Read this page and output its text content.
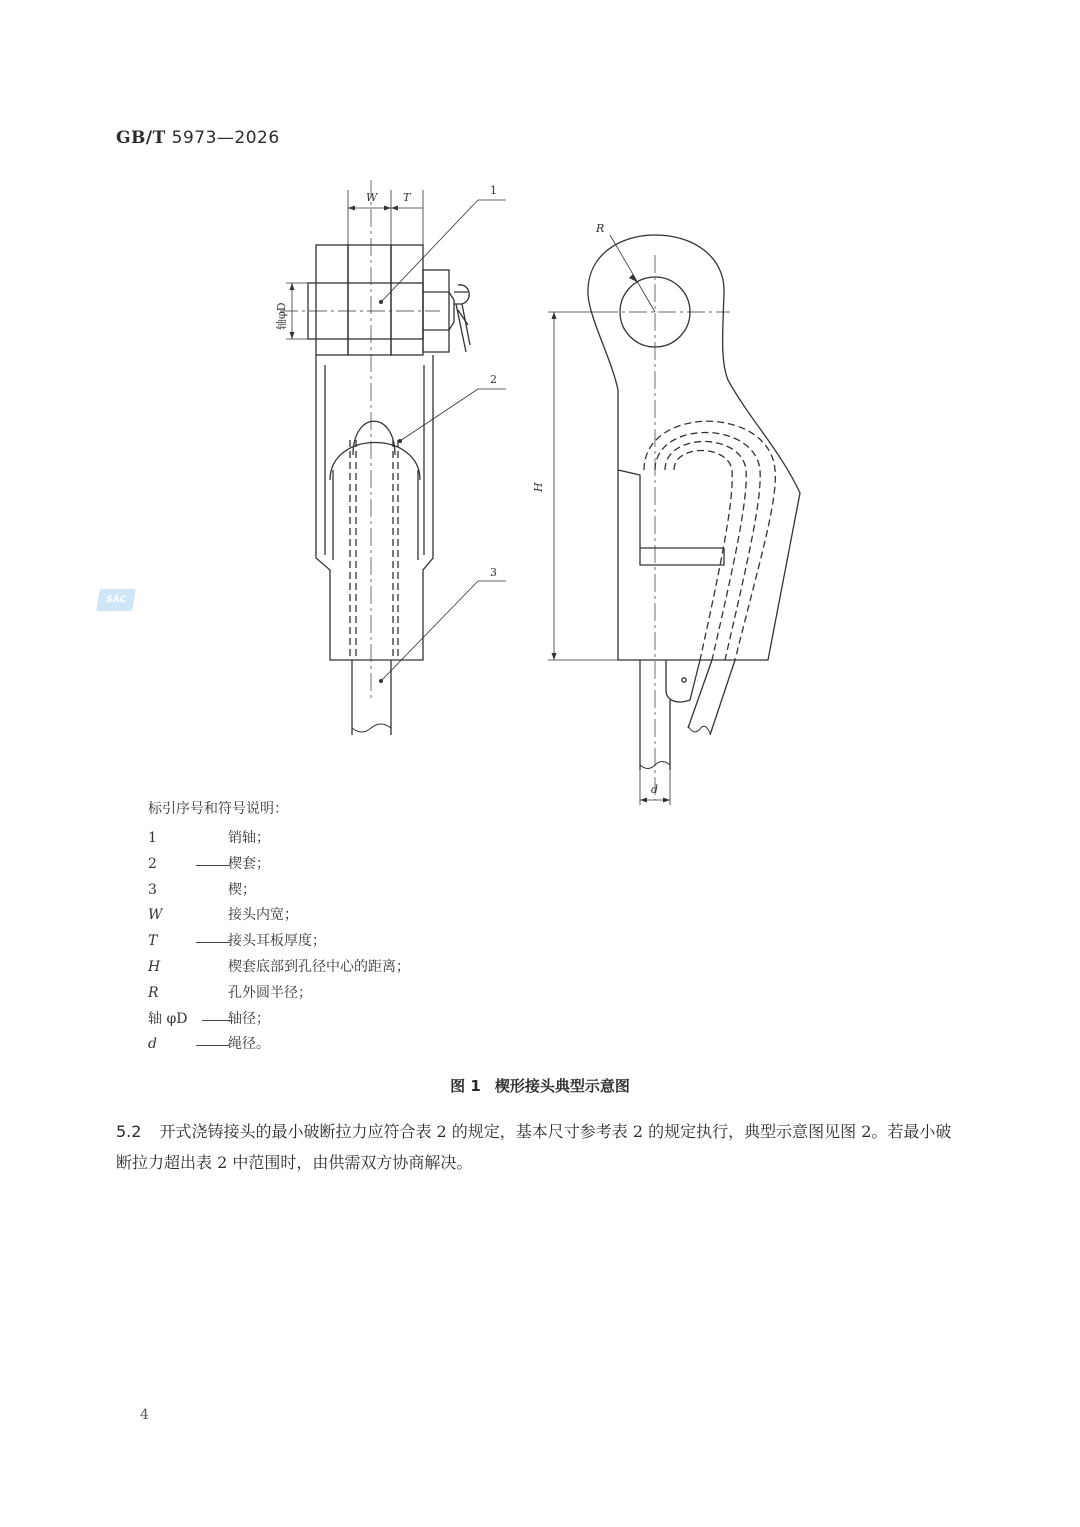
GB/T 5973—2026
SAC
W T
轴φD
1
2
3
R
H
d
标引序号和符号说明：
1	销轴；
2	楔套；
3	楔；
W	接头内宽；
T	接头耳板厚度；
H	楔套底部到孔径中心的距离；
R	孔外圆半径；
轴 φD	轴径；
d	绳径。
图 1 楔形接头典型示意图
5.2 开式浇铸接头的最小破断拉力应符合表 2 的规定，基本尺寸参考表 2 的规定执行，典型示意图见图 2。若最小破断拉力超出表 2 中范围时，由供需双方协商解决。
4
